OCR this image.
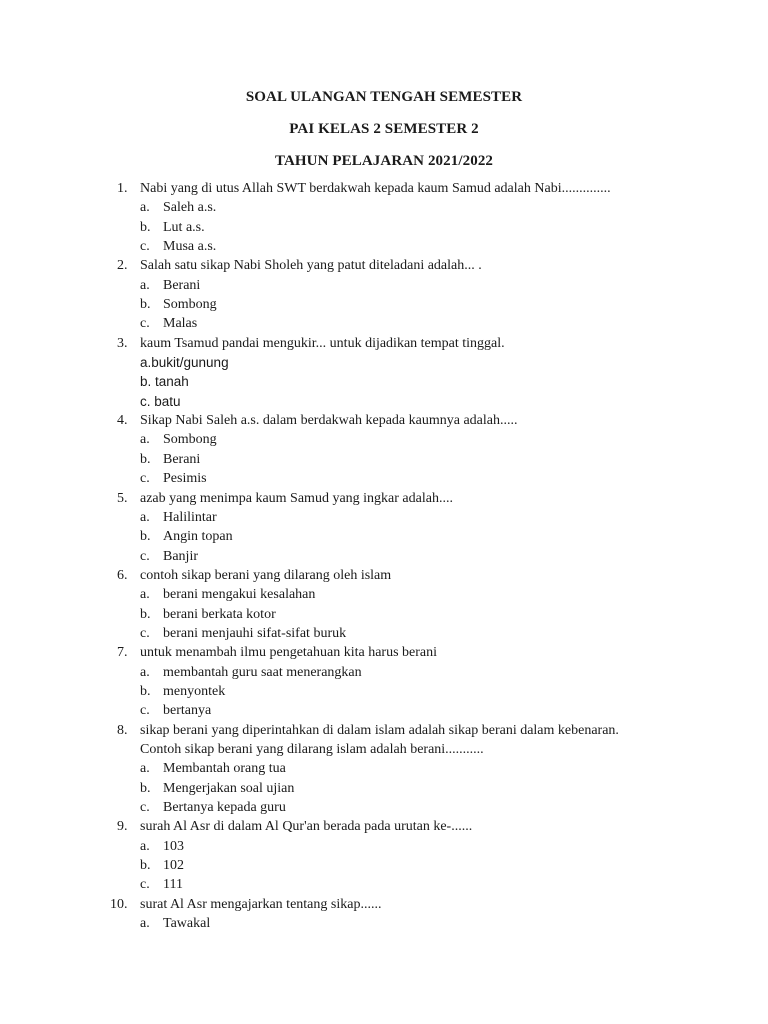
SOAL ULANGAN TENGAH SEMESTER
PAI KELAS 2 SEMESTER 2
TAHUN PELAJARAN 2021/2022
1. Nabi yang di utus Allah SWT berdakwah kepada kaum Samud adalah Nabi..............
a. Saleh a.s.
b. Lut a.s.
c. Musa a.s.
2. Salah satu sikap Nabi Sholeh yang patut diteladani adalah... .
a. Berani
b. Sombong
c. Malas
3. kaum Tsamud pandai mengukir... untuk dijadikan tempat tinggal.
a.bukit/gunung
b. tanah
c. batu
4. Sikap Nabi Saleh a.s. dalam berdakwah kepada kaumnya adalah.....
a. Sombong
b. Berani
c. Pesimis
5. azab yang menimpa kaum Samud yang ingkar adalah....
a. Halilintar
b. Angin topan
c. Banjir
6. contoh sikap berani yang dilarang oleh islam
a. berani mengakui kesalahan
b. berani berkata kotor
c. berani menjauhi sifat-sifat buruk
7. untuk menambah ilmu pengetahuan kita harus berani
a. membantah guru saat menerangkan
b. menyontek
c. bertanya
8. sikap berani yang diperintahkan di dalam islam adalah sikap berani dalam kebenaran.
Contoh sikap berani yang dilarang islam adalah berani...........
a. Membantah orang tua
b. Mengerjakan soal ujian
c. Bertanya kepada guru
9. surah Al Asr di dalam Al Qur'an berada pada urutan ke-......
a. 103
b. 102
c. 111
10. surat Al Asr mengajarkan tentang sikap......
a. Tawakal
